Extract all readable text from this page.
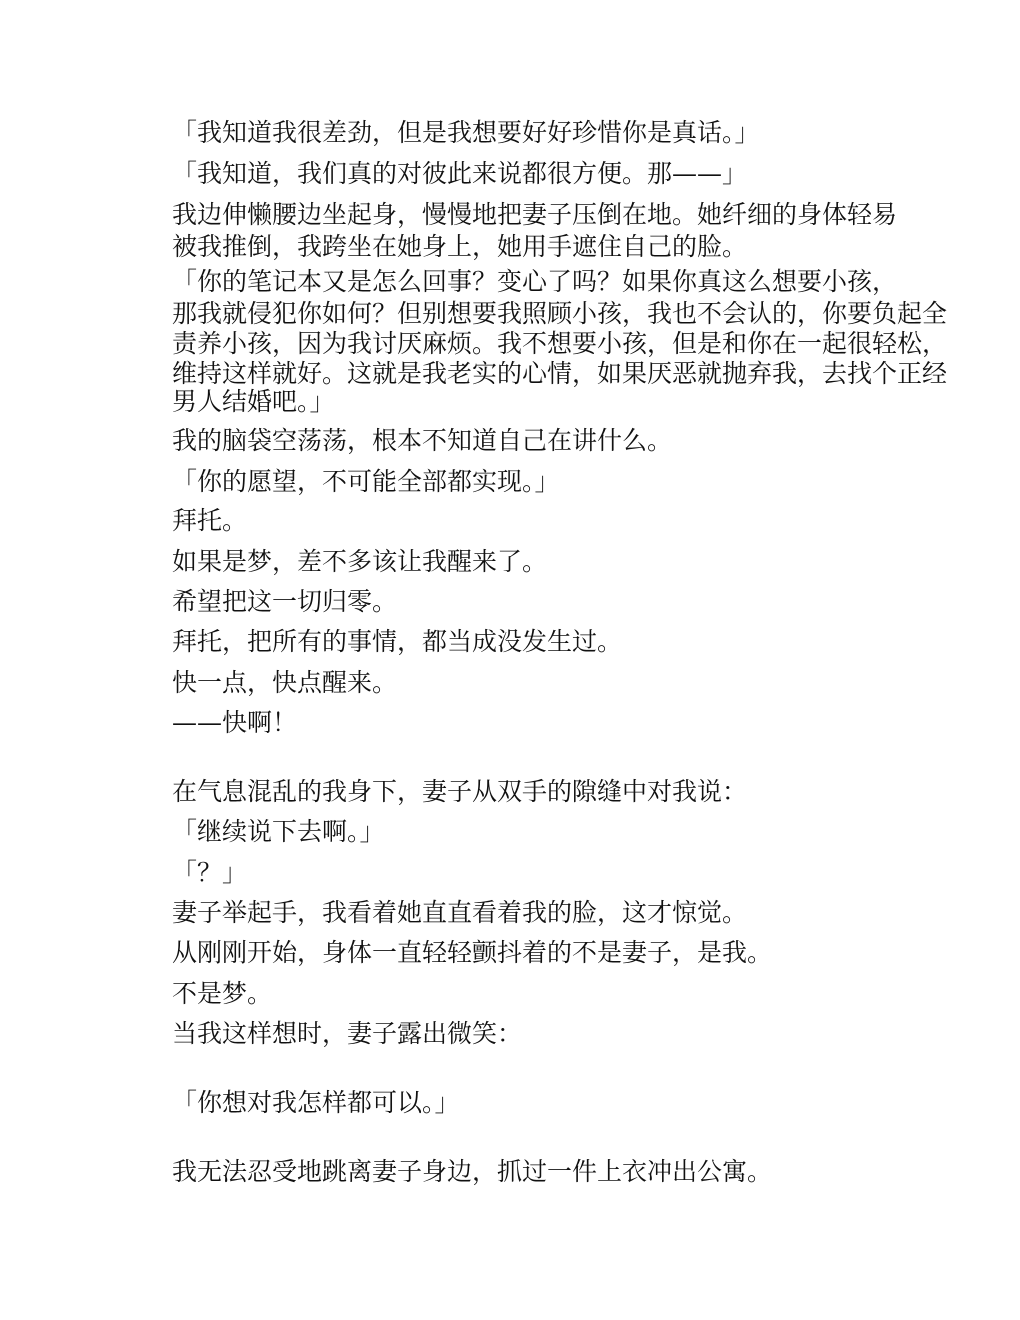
「我知道我很差劲，但是我想要好好珍惜你是真话。」

「我知道，我们真的对彼此来说都很方便。那——」

我边伸懒腰边坐起身，慢慢地把妻子压倒在地。她纤细的身体轻易

被我推倒，我跨坐在她身上，她用手遮住自己的脸。

「你的笔记本又是怎么回事？变心了吗？如果你真这么想要小孩，

那我就侵犯你如何？但别想要我照顾小孩，我也不会认的，你要负起全

责养小孩，因为我讨厌麻烦。我不想要小孩，但是和你在一起很轻松，

维持这样就好。这就是我老实的心情，如果厌恶就抛弃我，去找个正经

男人结婚吧。」

我的脑袋空荡荡，根本不知道自己在讲什么。

「你的愿望，不可能全部都实现。」

拜托。

如果是梦，差不多该让我醒来了。

希望把这一切归零。

拜托，把所有的事情，都当成没发生过。

快一点，快点醒来。

——快啊！

在气息混乱的我身下，妻子从双手的隙缝中对我说：

「继续说下去啊。」

「？」

妻子举起手，我看着她直直看着我的脸，这才惊觉。

从刚刚开始，身体一直轻轻颤抖着的不是妻子，是我。

不是梦。

当我这样想时，妻子露出微笑：

「你想对我怎样都可以。」

我无法忍受地跳离妻子身边，抓过一件上衣冲出公寓。
